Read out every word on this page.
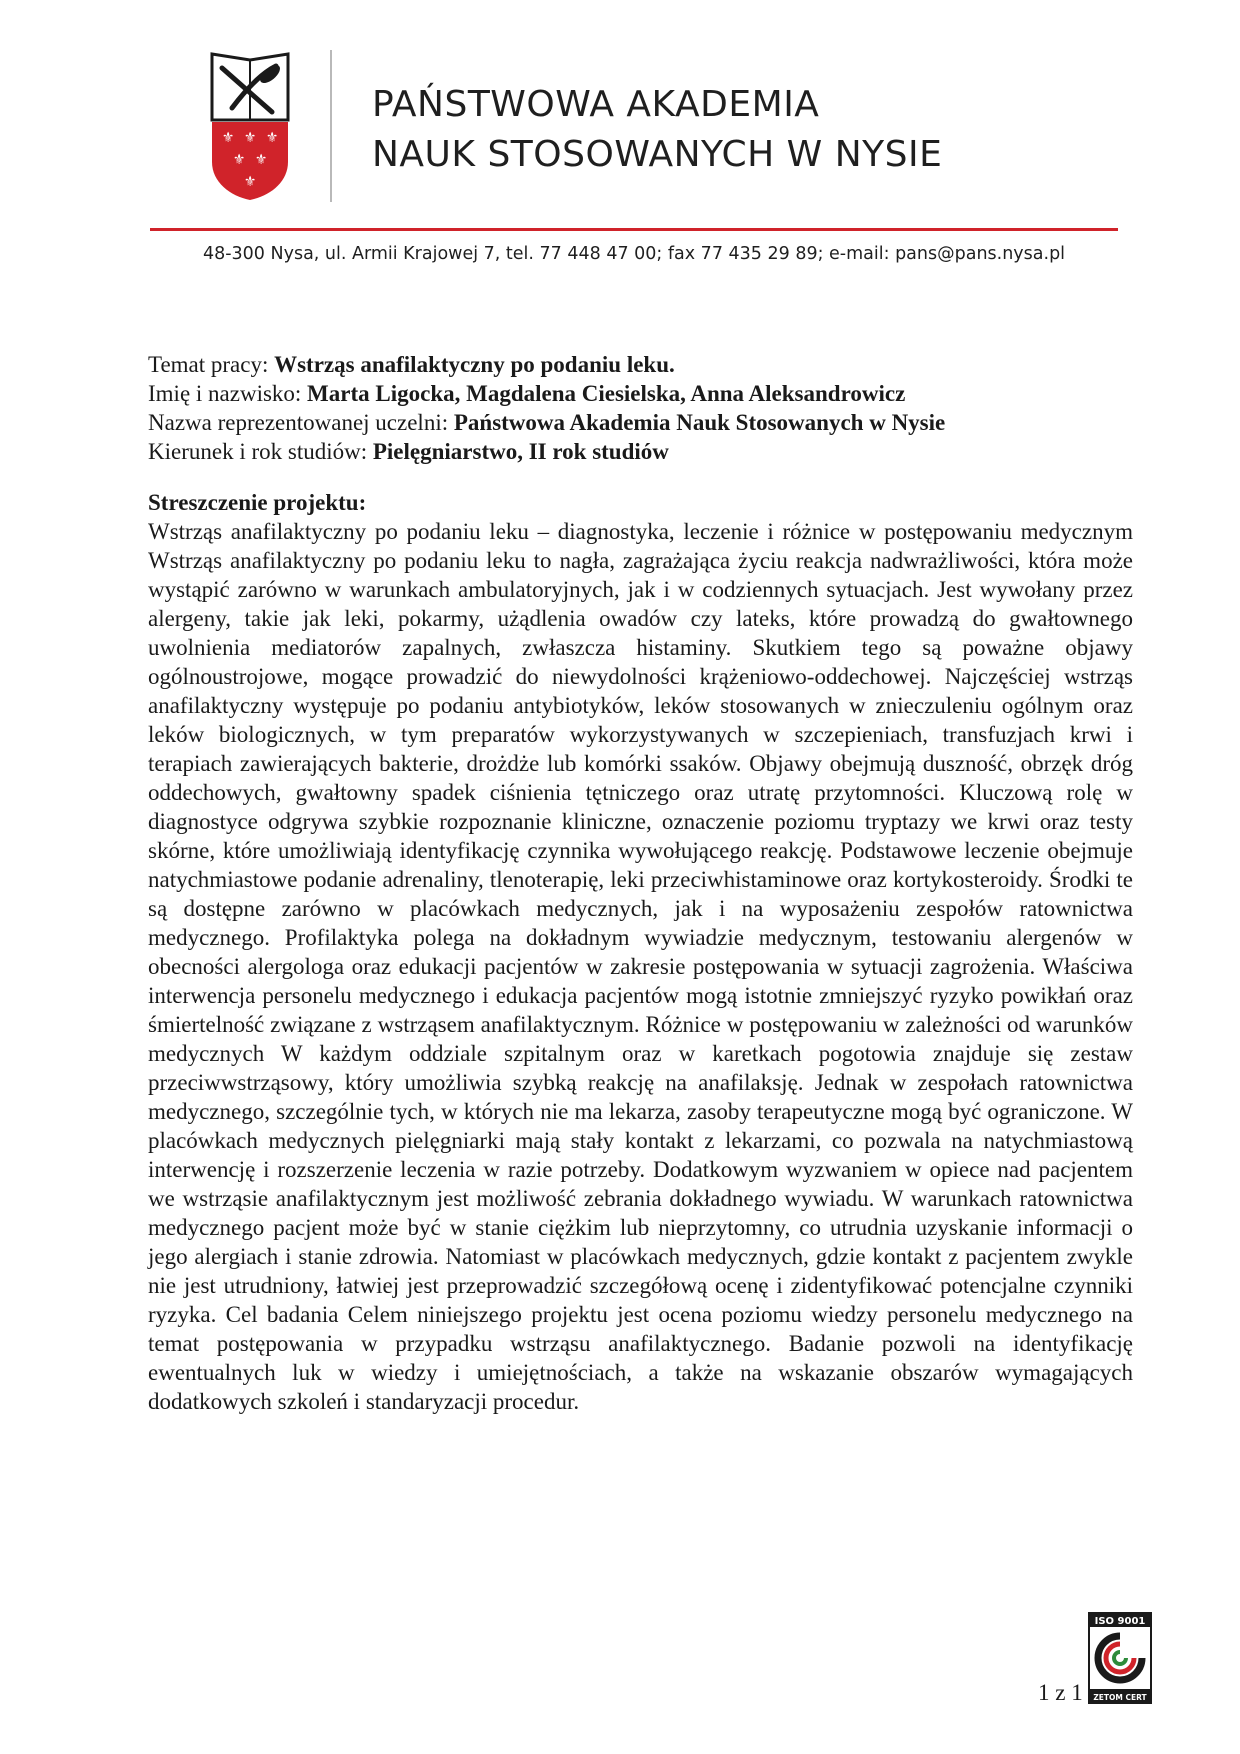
⚜ ⚜ ⚜
⚜ ⚜
⚜
PAŃSTWOWA AKADEMIA
NAUK STOSOWANYCH W NYSIE
48-300 Nysa, ul. Armii Krajowej 7, tel. 77 448 47 00; fax 77 435 29 89; e-mail: pans@pans.nysa.pl
Temat pracy: Wstrząs anafilaktyczny po podaniu leku.
Imię i nazwisko: Marta Ligocka, Magdalena Ciesielska, Anna Aleksandrowicz
Nazwa reprezentowanej uczelni: Państwowa Akademia Nauk Stosowanych w Nysie
Kierunek i rok studiów: Pielęgniarstwo, II rok studiów
Streszczenie projektu:
Wstrząs anafilaktyczny po podaniu leku – diagnostyka, leczenie i różnice w postępowaniu medycznym Wstrząs anafilaktyczny po podaniu leku to nagła, zagrażająca życiu reakcja nadwrażliwości, która może wystąpić zarówno w warunkach ambulatoryjnych, jak i w codziennych sytuacjach. Jest wywołany przez alergeny, takie jak leki, pokarmy, użądlenia owadów czy lateks, które prowadzą do gwałtownego uwolnienia mediatorów zapalnych, zwłaszcza histaminy. Skutkiem tego są poważne objawy ogólnoustrojowe, mogące prowadzić do niewydolności krążeniowo-oddechowej. Najczęściej wstrząs anafilaktyczny występuje po podaniu antybiotyków, leków stosowanych w znieczuleniu ogólnym oraz leków biologicznych, w tym preparatów wykorzystywanych w szczepieniach, transfuzjach krwi i terapiach zawierających bakterie, drożdże lub komórki ssaków. Objawy obejmują duszność, obrzęk dróg oddechowych, gwałtowny spadek ciśnienia tętniczego oraz utratę przytomności. Kluczową rolę w diagnostyce odgrywa szybkie rozpoznanie kliniczne, oznaczenie poziomu tryptazy we krwi oraz testy skórne, które umożliwiają identyfikację czynnika wywołującego reakcję. Podstawowe leczenie obejmuje natychmiastowe podanie adrenaliny, tlenoterapię, leki przeciwhistaminowe oraz kortykosteroidy. Środki te są dostępne zarówno w placówkach medycznych, jak i na wyposażeniu zespołów ratownictwa medycznego. Profilaktyka polega na dokładnym wywiadzie medycznym, testowaniu alergenów w obecności alergologa oraz edukacji pacjentów w zakresie postępowania w sytuacji zagrożenia. Właściwa interwencja personelu medycznego i edukacja pacjentów mogą istotnie zmniejszyć ryzyko powikłań oraz śmiertelność związane z wstrząsem anafilaktycznym. Różnice w postępowaniu w zależności od warunków medycznych W każdym oddziale szpitalnym oraz w karetkach pogotowia znajduje się zestaw przeciwwstrząsowy, który umożliwia szybką reakcję na anafilaksję. Jednak w zespołach ratownictwa medycznego, szczególnie tych, w których nie ma lekarza, zasoby terapeutyczne mogą być ograniczone. W placówkach medycznych pielęgniarki mają stały kontakt z lekarzami, co pozwala na natychmiastową interwencję i rozszerzenie leczenia w razie potrzeby. Dodatkowym wyzwaniem w opiece nad pacjentem we wstrząsie anafilaktycznym jest możliwość zebrania dokładnego wywiadu. W warunkach ratownictwa medycznego pacjent może być w stanie ciężkim lub nieprzytomny, co utrudnia uzyskanie informacji o jego alergiach i stanie zdrowia. Natomiast w placówkach medycznych, gdzie kontakt z pacjentem zwykle nie jest utrudniony, łatwiej jest przeprowadzić szczegółową ocenę i zidentyfikować potencjalne czynniki ryzyka. Cel badania Celem niniejszego projektu jest ocena poziomu wiedzy personelu medycznego na temat postępowania w przypadku wstrząsu anafilaktycznego. Badanie pozwoli na identyfikację ewentualnych luk w wiedzy i umiejętnościach, a także na wskazanie obszarów wymagających dodatkowych szkoleń i standaryzacji procedur.
1 z 1
ISO 9001
ZETOM CERT
